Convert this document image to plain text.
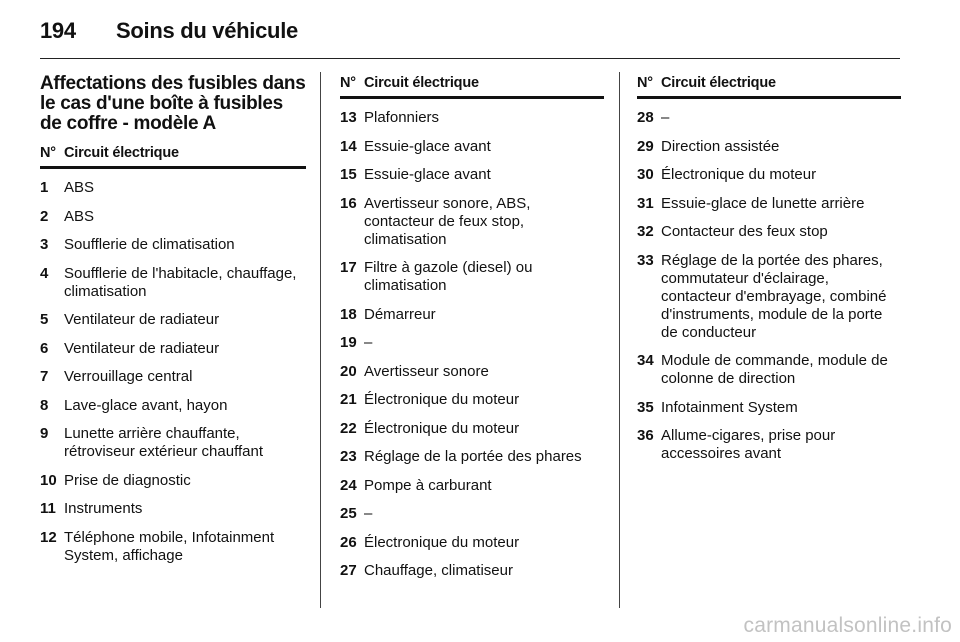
194 Soins du véhicule
Affectations des fusibles dans le cas d'une boîte à fusibles de coffre - modèle A
N° Circuit électrique
1	ABS
2	ABS
3	Soufflerie de climatisation
4	Soufflerie de l'habitacle, chauffage, climatisation
5	Ventilateur de radiateur
6	Ventilateur de radiateur
7	Verrouillage central
8	Lave-glace avant, hayon
9	Lunette arrière chauffante, rétroviseur extérieur chauffant
10 Prise de diagnostic
11 Instruments
12 Téléphone mobile, Infotainment System, affichage
N° Circuit électrique
13 Plafonniers
14 Essuie-glace avant
15 Essuie-glace avant
16 Avertisseur sonore, ABS, contacteur de feux stop, climatisation
17 Filtre à gazole (diesel) ou climatisation
18 Démarreur
19 –
20 Avertisseur sonore
21 Électronique du moteur
22 Électronique du moteur
23 Réglage de la portée des phares
24 Pompe à carburant
25 –
26 Électronique du moteur
27 Chauffage, climatiseur
N° Circuit électrique
28 –
29 Direction assistée
30 Électronique du moteur
31 Essuie-glace de lunette arrière
32 Contacteur des feux stop
33 Réglage de la portée des phares, commutateur d'éclairage, contacteur d'embrayage, combiné d'instruments, module de la porte de conducteur
34 Module de commande, module de colonne de direction
35 Infotainment System
36 Allume-cigares, prise pour accessoires avant
carmanualsonline.info
